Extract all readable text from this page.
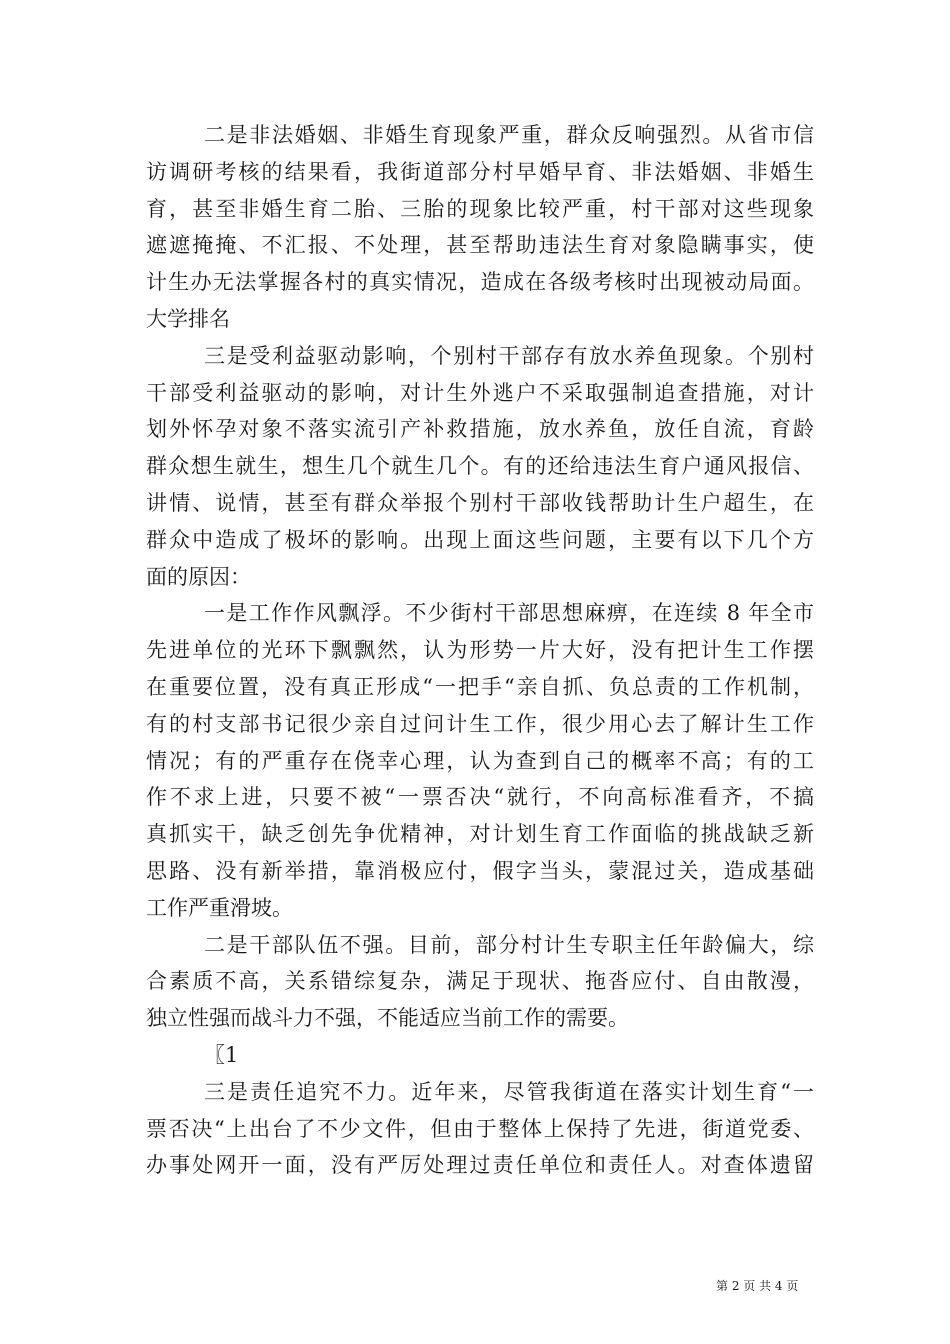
二是非法婚姻、非婚生育现象严重，群众反响强烈。从省市信
访调研考核的结果看，我街道部分村早婚早育、非法婚姻、非婚生
育，甚至非婚生育二胎、三胎的现象比较严重，村干部对这些现象
遮遮掩掩、不汇报、不处理，甚至帮助违法生育对象隐瞒事实，使
计生办无法掌握各村的真实情况，造成在各级考核时出现被动局面。
大学排名
三是受利益驱动影响，个别村干部存有放水养鱼现象。个别村
干部受利益驱动的影响，对计生外逃户不采取强制追查措施，对计
划外怀孕对象不落实流引产补救措施，放水养鱼，放任自流，育龄
群众想生就生，想生几个就生几个。有的还给违法生育户通风报信、
讲情、说情，甚至有群众举报个别村干部收钱帮助计生户超生，在
群众中造成了极坏的影响。出现上面这些问题，主要有以下几个方
面的原因：
一是工作作风飘浮。不少街村干部思想麻痹，在连续 8 年全市
先进单位的光环下飘飘然，认为形势一片大好，没有把计生工作摆
在重要位置，没有真正形成“一把手“亲自抓、负总责的工作机制，
有的村支部书记很少亲自过问计生工作，很少用心去了解计生工作
情况；有的严重存在侥幸心理，认为查到自己的概率不高；有的工
作不求上进，只要不被“一票否决“就行，不向高标准看齐，不搞
真抓实干，缺乏创先争优精神，对计划生育工作面临的挑战缺乏新
思路、没有新举措，靠消极应付，假字当头，蒙混过关，造成基础
工作严重滑坡。
二是干部队伍不强。目前，部分村计生专职主任年龄偏大，综
合素质不高，关系错综复杂，满足于现状、拖沓应付、自由散漫，
独立性强而战斗力不强，不能适应当前工作的需要。
〖1
三是责任追究不力。近年来，尽管我街道在落实计划生育“一
票否决“上出台了不少文件，但由于整体上保持了先进，街道党委、
办事处网开一面，没有严厉处理过责任单位和责任人。对查体遗留
第 2 页 共 4 页
